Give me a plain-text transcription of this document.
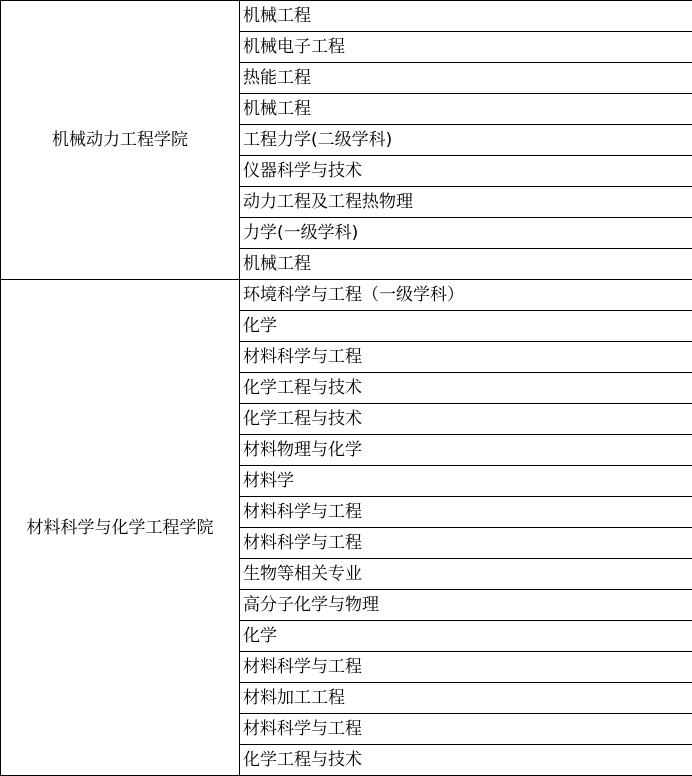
机械动力工程学院	机械工程
	机械电子工程
	热能工程
	机械工程
	工程力学(二级学科)
	仪器科学与技术
	动力工程及工程热物理
	力学(一级学科)
	机械工程
材料科学与化学工程学院	环境科学与工程（一级学科）
	化学
	材料科学与工程
	化学工程与技术
	化学工程与技术
	材料物理与化学
	材料学
	材料科学与工程
	材料科学与工程
	生物等相关专业
	高分子化学与物理
	化学
	材料科学与工程
	材料加工工程
	材料科学与工程
	化学工程与技术
